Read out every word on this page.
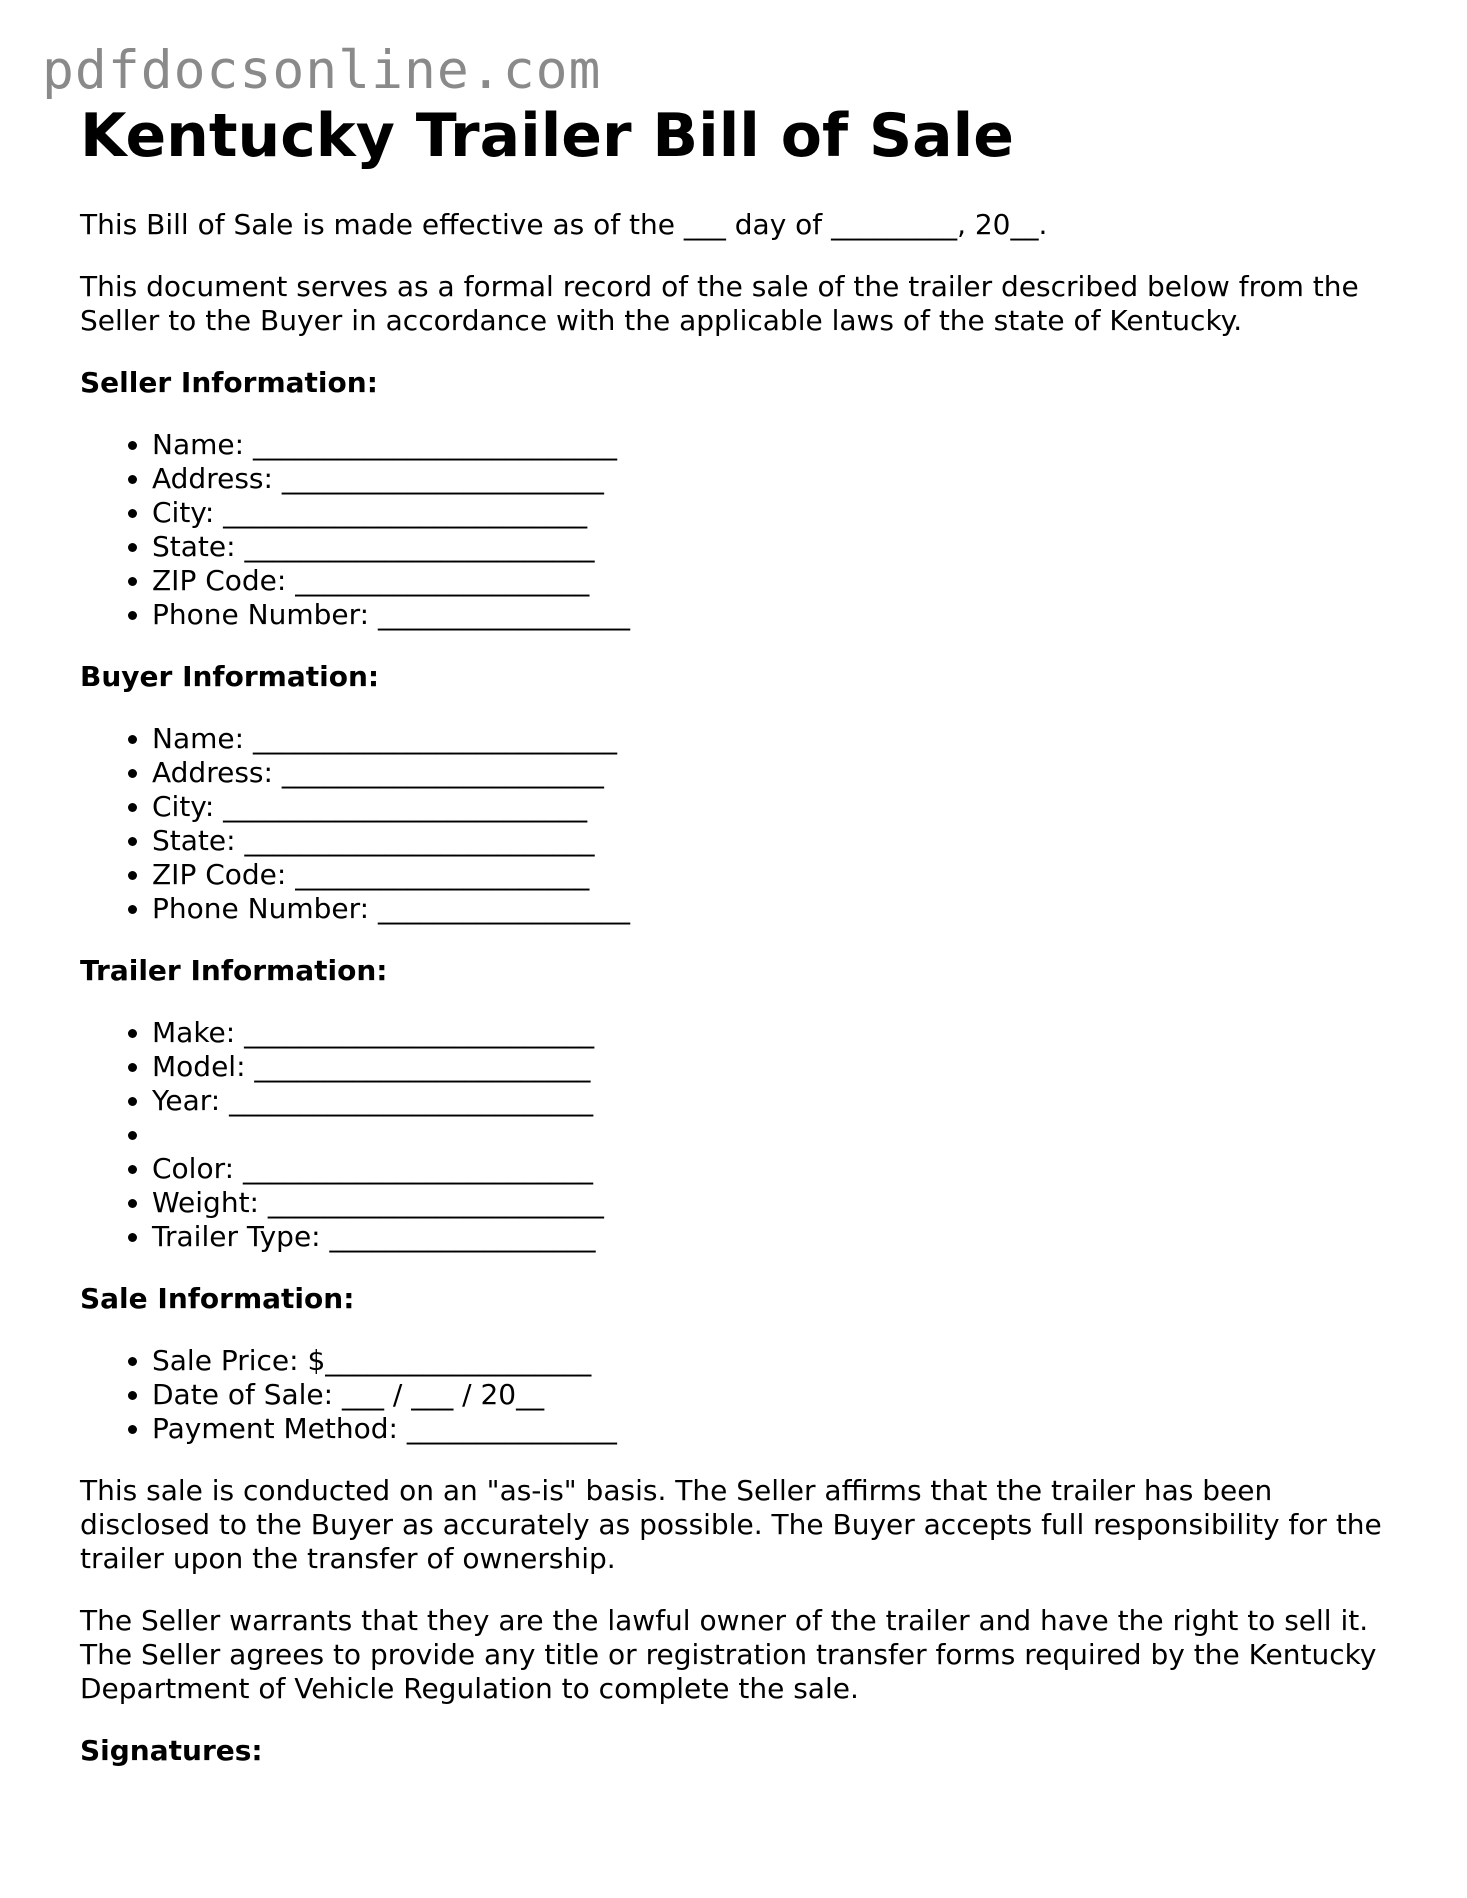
pdfdocsonline.com
Kentucky Trailer Bill of Sale

This Bill of Sale is made effective as of the ___ day of _________, 20__.

This document serves as a formal record of the sale of the trailer described below from the Seller to the Buyer in accordance with the applicable laws of the state of Kentucky.

Seller Information:
• Name: __________________________
• Address: _______________________
• City: __________________________
• State: _________________________
• ZIP Code: _____________________
• Phone Number: __________________
Buyer Information:
• Name: __________________________
• Address: _______________________
• City: __________________________
• State: _________________________
• ZIP Code: _____________________
• Phone Number: __________________
Trailer Information:
• Make: _________________________
• Model: ________________________
• Year: __________________________
•
• Color: _________________________
• Weight: ________________________
• Trailer Type: ___________________
Sale Information:
• Sale Price: $___________________
• Date of Sale: ___ / ___ / 20__
• Payment Method: _______________

This sale is conducted on an "as-is" basis. The Seller affirms that the trailer has been disclosed to the Buyer as accurately as possible. The Buyer accepts full responsibility for the trailer upon the transfer of ownership.

The Seller warrants that they are the lawful owner of the trailer and have the right to sell it. The Seller agrees to provide any title or registration transfer forms required by the Kentucky Department of Vehicle Regulation to complete the sale.

Signatures:
